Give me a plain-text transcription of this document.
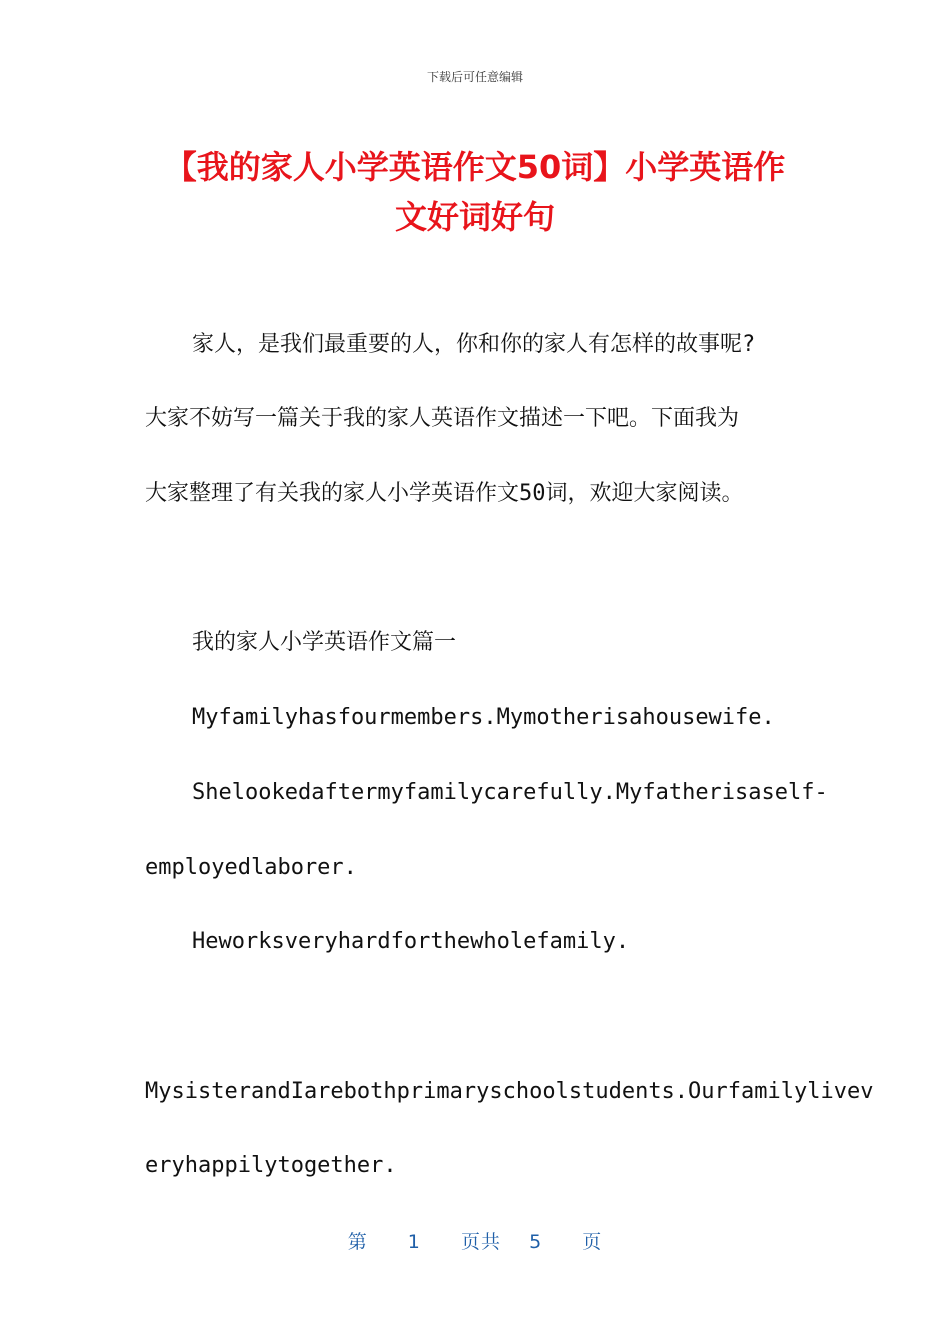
下载后可任意编辑
【我的家人小学英语作文50词】小学英语作
文好词好句
家人，是我们最重要的人，你和你的家人有怎样的故事呢?
大家不妨写一篇关于我的家人英语作文描述一下吧。下面我为
大家整理了有关我的家人小学英语作文50词，欢迎大家阅读。
我的家人小学英语作文篇一
Myfamilyhasfourmembers.Mymotherisahousewife.
Shelookedaftermyfamilycarefully.Myfatherisaself-
employedlaborer.
Heworksveryhardforthewholefamily.
MysisterandIarebothprimaryschoolstudents.Ourfamilylivev
eryhappilytogether.
第 1 页共 5 页
